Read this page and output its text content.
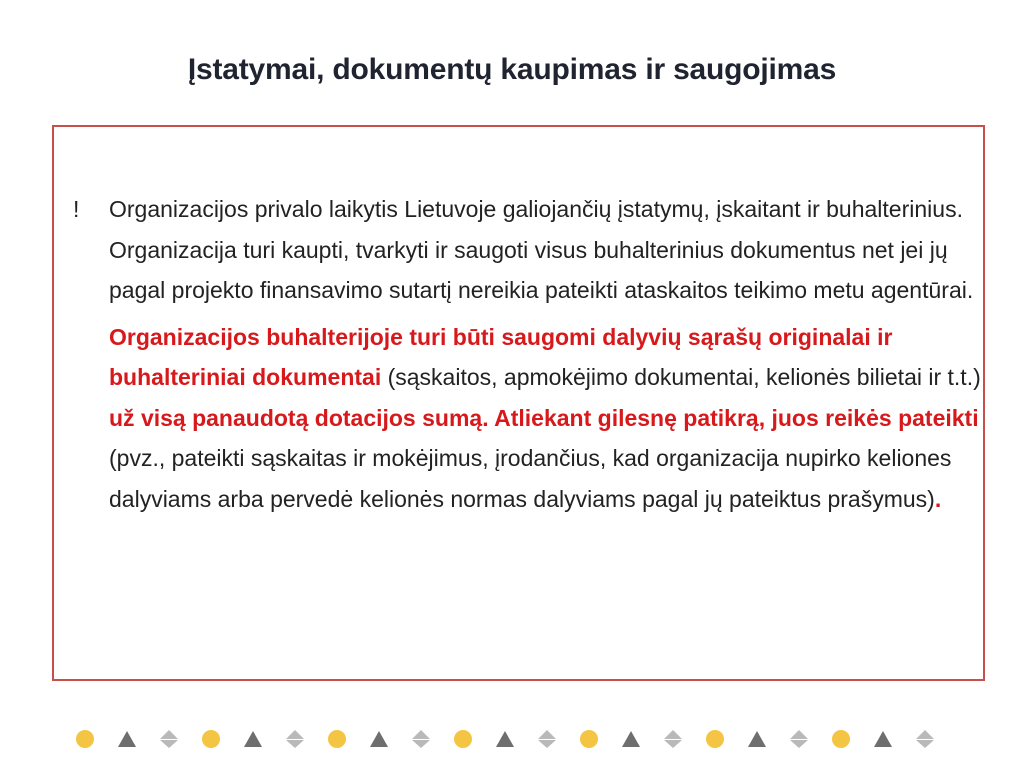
Įstatymai, dokumentų kaupimas ir saugojimas

! Organizacijos privalo laikytis Lietuvoje galiojančių įstatymų, įskaitant ir buhalterinius. Organizacija turi kaupti, tvarkyti ir saugoti visus buhalterinius dokumentus net jei jų pagal projekto finansavimo sutartį nereikia pateikti ataskaitos teikimo metu agentūrai.

Organizacijos buhalterijoje turi būti saugomi dalyvių sąrašų originalai ir buhalteriniai dokumentai (sąskaitos, apmokėjimo dokumentai, kelionės bilietai ir t.t.) už visą panaudotą dotacijos sumą. Atliekant gilesnę patikrą, juos reikės pateikti (pvz., pateikti sąskaitas ir mokėjimus, įrodančius, kad organizacija nupirko keliones dalyviams arba pervedė kelionės normas dalyviams pagal jų pateiktus prašymus).
